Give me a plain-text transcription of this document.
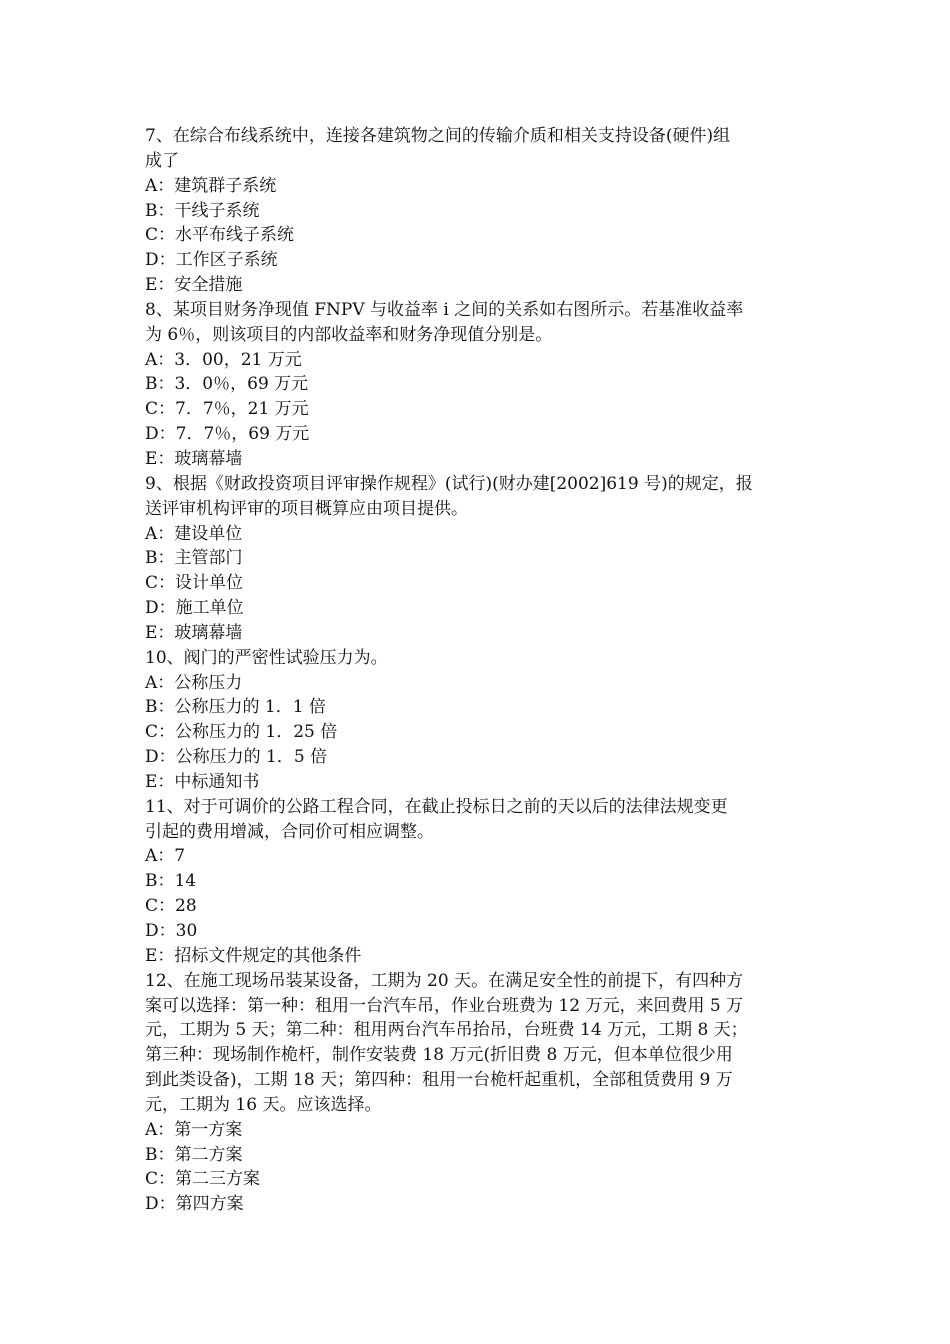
7、在综合布线系统中，连接各建筑物之间的传输介质和相关支持设备(硬件)组
成了
A：建筑群子系统
B：干线子系统
C：水平布线子系统
D：工作区子系统
E：安全措施
8、某项目财务净现值 FNPV 与收益率 i 之间的关系如右图所示。若基准收益率
为 6％，则该项目的内部收益率和财务净现值分别是。
A：3．00，21 万元
B：3．0％，69 万元
C：7．7％，21 万元
D：7．7％，69 万元
E：玻璃幕墙
9、根据《财政投资项目评审操作规程》(试行)(财办建[2002]619 号)的规定，报
送评审机构评审的项目概算应由项目提供。
A：建设单位
B：主管部门
C：设计单位
D：施工单位
E：玻璃幕墙
10、阀门的严密性试验压力为。
A：公称压力
B：公称压力的 1．1 倍
C：公称压力的 1．25 倍
D：公称压力的 1．5 倍
E：中标通知书
11、对于可调价的公路工程合同，在截止投标日之前的天以后的法律法规变更
引起的费用增减，合同价可相应调整。
A：7
B：14
C：28
D：30
E：招标文件规定的其他条件
12、在施工现场吊装某设备，工期为 20 天。在满足安全性的前提下，有四种方
案可以选择：第一种：租用一台汽车吊，作业台班费为 12 万元，来回费用 5 万
元，工期为 5 天；第二种：租用两台汽车吊抬吊，台班费 14 万元，工期 8 天；
第三种：现场制作桅杆，制作安装费 18 万元(折旧费 8 万元，但本单位很少用
到此类设备)，工期 18 天；第四种：租用一台桅杆起重机，全部租赁费用 9 万
元，工期为 16 天。应该选择。
A：第一方案
B：第二方案
C：第二三方案
D：第四方案
